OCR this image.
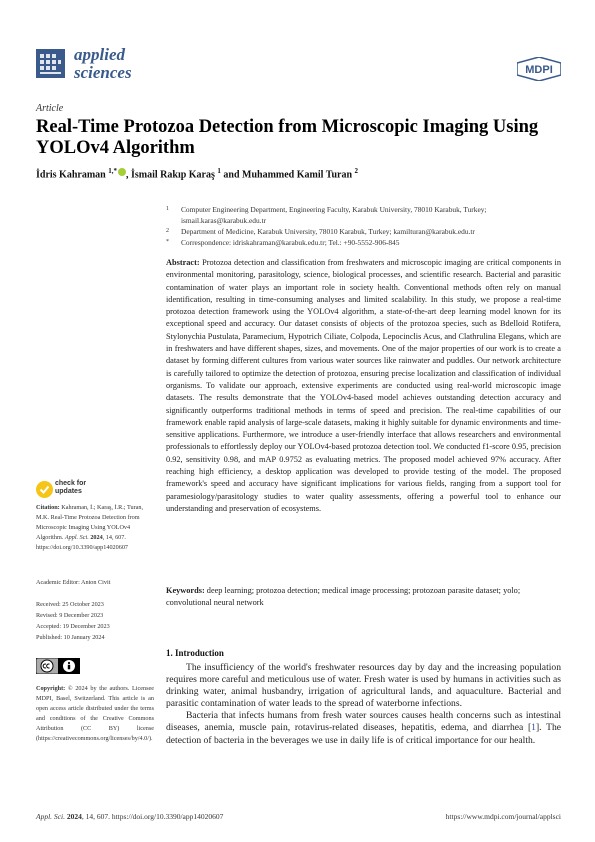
applied
sciences	MDPI
Article
Real-Time Protozoa Detection from Microscopic Imaging Using YOLOv4 Algorithm
İdris Kahraman $^{1,*}$ , İsmail Rakıp Karaş $^1$ and Muhammed Kamil Turan $^2$
1 Computer Engineering Department, Engineering Faculty, Karabuk University, 78010 Karabuk, Turkey; ismail.karas@karabuk.edu.tr
2 Department of Medicine, Karabuk University, 78010 Karabuk, Turkey; kamilturan@karabuk.edu.tr
* Correspondence: idriskahraman@karabuk.edu.tr; Tel.: +90-5552-906-845

Abstract: Protozoa detection and classification from freshwaters and microscopic imaging are critical components in environmental monitoring, parasitology, science, biological processes, and scientific research. Bacterial and parasitic contamination of water plays an important role in society health. Conventional methods often rely on manual identification, resulting in time-consuming analyses and limited scalability. In this study, we propose a real-time protozoa detection framework using the YOLOv4 algorithm, a state-of-the-art deep learning model known for its exceptional speed and accuracy. Our dataset consists of objects of the protozoa species, such as Bdelloid Rotifera, Stylonychia Pustulata, Paramecium, Hypotrich Ciliate, Colpoda, Lepocinclis Acus, and Clathrulina Elegans, which are in freshwaters and have different shapes, sizes, and movements. One of the major properties of our work is to create a dataset by forming different cultures from various water sources like rainwater and puddles. Our network architecture is carefully tailored to optimize the detection of protozoa, ensuring precise localization and classification of individual organisms. To validate our approach, extensive experiments are conducted using real-world microscopic image datasets. The results demonstrate that the YOLOv4-based model achieves outstanding detection accuracy and significantly outperforms traditional methods in terms of speed and precision. The real-time capabilities of our framework enable rapid analysis of large-scale datasets, making it highly suitable for dynamic environments and time-sensitive applications. Furthermore, we introduce a user-friendly interface that allows researchers and environmental professionals to effortlessly deploy our YOLOv4-based protozoa detection tool. We conducted f1-score 0.95, precision 0.92, sensitivity 0.98, and mAP 0.9752 as evaluating metrics. The proposed model achieved 97% accuracy. After reaching high efficiency, a desktop application was developed to provide testing of the model. The proposed framework's speed and accuracy have significant implications for various fields, ranging from a support tool for paramesiology/parasitology studies to water quality assessments, offering a powerful tool to enhance our understanding and preservation of ecosystems.

Keywords: deep learning; protozoa detection; medical image processing; protozoan parasite dataset; yolo; convolutional neural network

check for
updates
Citation: Kahraman, İ.; Karaş, İ.R.; Turan, M.K. Real-Time Protozoa Detection from Microscopic Imaging Using YOLOv4 Algorithm. Appl. Sci. 2024, 14, 607. https://doi.org/10.3390/app14020607
Academic Editor: Anton Civit
Received: 25 October 2023
Revised: 9 December 2023
Accepted: 19 December 2023
Published: 10 January 2024
Copyright: © 2024 by the authors. Licensee MDPI, Basel, Switzerland. This article is an open access article distributed under the terms and conditions of the Creative Commons Attribution (CC BY) license (https://creativecommons.org/licenses/by/4.0/).
1. Introduction

The insufficiency of the world's freshwater resources day by day and the increasing population requires more careful and meticulous use of water. Fresh water is used by humans in activities such as drinking water, animal husbandry, irrigation of agricultural lands, and aquaculture. Bacterial and parasitic contamination of water leads to the spread of waterborne infections.

Bacteria that infects humans from fresh water sources causes health concerns such as intestinal diseases, anemia, muscle pain, rotavirus-related diseases, hepatitis, edema, and diarrhea [1]. The detection of bacteria in the beverages we use in daily life is of critical importance for our health.

Appl. Sci. 2024, 14, 607. https://doi.org/10.3390/app14020607	https://www.mdpi.com/journal/applsci
